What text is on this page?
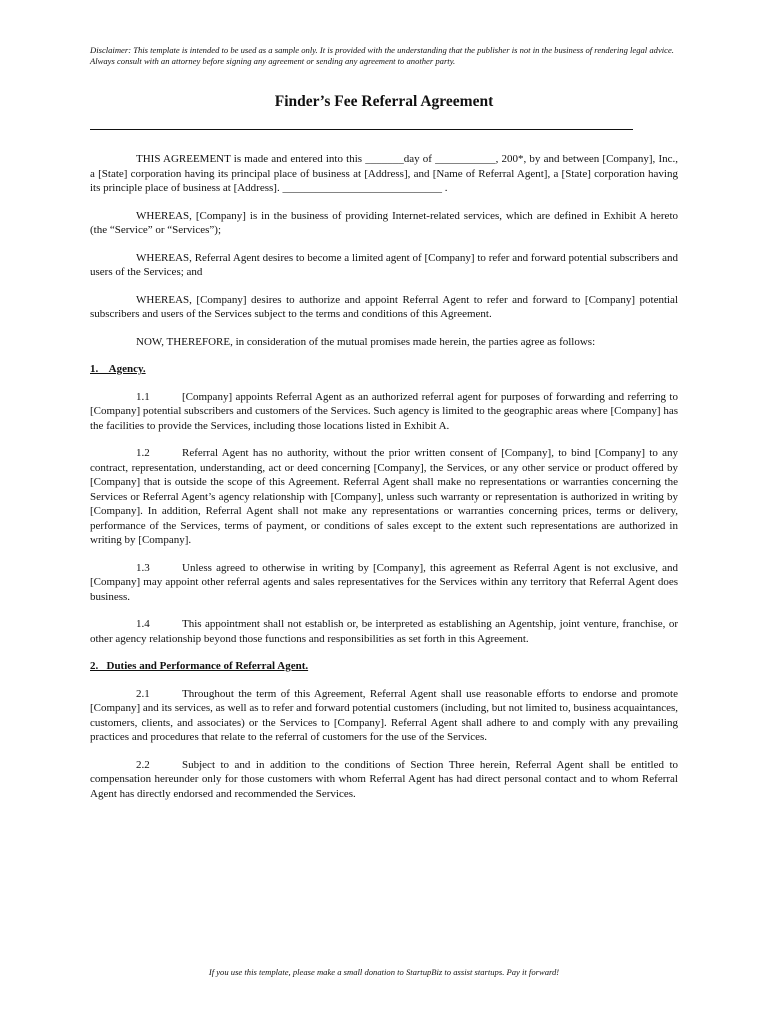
Disclaimer: This template is intended to be used as a sample only. It is provided with the understanding that the publisher is not in the business of rendering legal advice. Always consult with an attorney before signing any agreement or sending any agreement to another party.
Finder’s Fee Referral Agreement

THIS AGREEMENT is made and entered into this _______day of ___________, 200*, by and between [Company], Inc., a [State] corporation having its principal place of business at [Address], and [Name of Referral Agent], a [State] corporation having its principle place of business at [Address]. _____________________________ .

WHEREAS, [Company] is in the business of providing Internet-related services, which are defined in Exhibit A hereto (the “Service” or “Services”);

WHEREAS, Referral Agent desires to become a limited agent of [Company] to refer and forward potential subscribers and users of the Services; and

WHEREAS, [Company] desires to authorize and appoint Referral Agent to refer and forward to [Company] potential subscribers and users of the Services subject to the terms and conditions of this Agreement.

NOW, THEREFORE, in consideration of the mutual promises made herein, the parties agree as follows:

1.    Agency.

1.1	[Company] appoints Referral Agent as an authorized referral agent for purposes of forwarding and referring to [Company] potential subscribers and customers of the Services. Such agency is limited to the geographic areas where [Company] has the facilities to provide the Services, including those locations listed in Exhibit A.

1.2	Referral Agent has no authority, without the prior written consent of [Company], to bind [Company] to any contract, representation, understanding, act or deed concerning [Company], the Services, or any other service or product offered by [Company] that is outside the scope of this Agreement. Referral Agent shall make no representations or warranties concerning the Services or Referral Agent’s agency relationship with [Company], unless such warranty or representation is authorized in writing by [Company]. In addition, Referral Agent shall not make any representations or warranties concerning prices, terms or delivery, performance of the Services, terms of payment, or conditions of sales except to the extent such representations are authorized in writing by [Company].

1.3	Unless agreed to otherwise in writing by [Company], this agreement as Referral Agent is not exclusive, and [Company] may appoint other referral agents and sales representatives for the Services within any territory that Referral Agent does business.

1.4	This appointment shall not establish or, be interpreted as establishing an Agentship, joint venture, franchise, or other agency relationship beyond those functions and responsibilities as set forth in this Agreement.

2.   Duties and Performance of Referral Agent.

2.1	Throughout the term of this Agreement, Referral Agent shall use reasonable efforts to endorse and promote [Company] and its services, as well as to refer and forward potential customers (including, but not limited to, business acquaintances, customers, clients, and associates) or the Services to [Company]. Referral Agent shall adhere to and comply with any prevailing practices and procedures that relate to the referral of customers for the use of the Services.

2.2	Subject to and in addition to the conditions of Section Three herein, Referral Agent shall be entitled to compensation hereunder only for those customers with whom Referral Agent has had direct personal contact and to whom Referral Agent has directly endorsed and recommended the Services.

If you use this template, please make a small donation to StartupBiz to assist startups. Pay it forward!
